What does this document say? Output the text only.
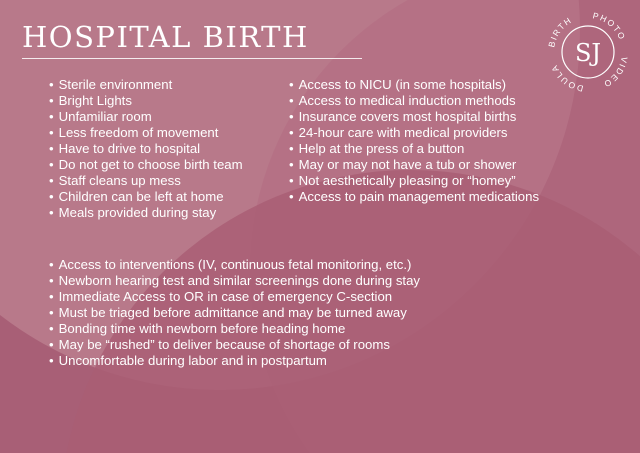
HOSPITAL BIRTH	SJ
BIRTH PHOTO
VIDEO
DOULA
• Sterile environment
• Bright Lights
• Unfamiliar room
• Less freedom of movement
• Have to drive to hospital
• Do not get to choose birth team
• Staff cleans up mess
• Children can be left at home
• Meals provided during stay
• Access to NICU (in some hospitals)
• Access to medical induction methods
• Insurance covers most hospital births
• 24-hour care with medical providers
• Help at the press of a button
• May or may not have a tub or shower
• Not aesthetically pleasing or “homey”
• Access to pain management medications
• Access to interventions (IV, continuous fetal monitoring, etc.)
• Newborn hearing test and similar screenings done during stay
• Immediate Access to OR in case of emergency C-section
• Must be triaged before admittance and may be turned away
• Bonding time with newborn before heading home
• May be “rushed” to deliver because of shortage of rooms
• Uncomfortable during labor and in postpartum
